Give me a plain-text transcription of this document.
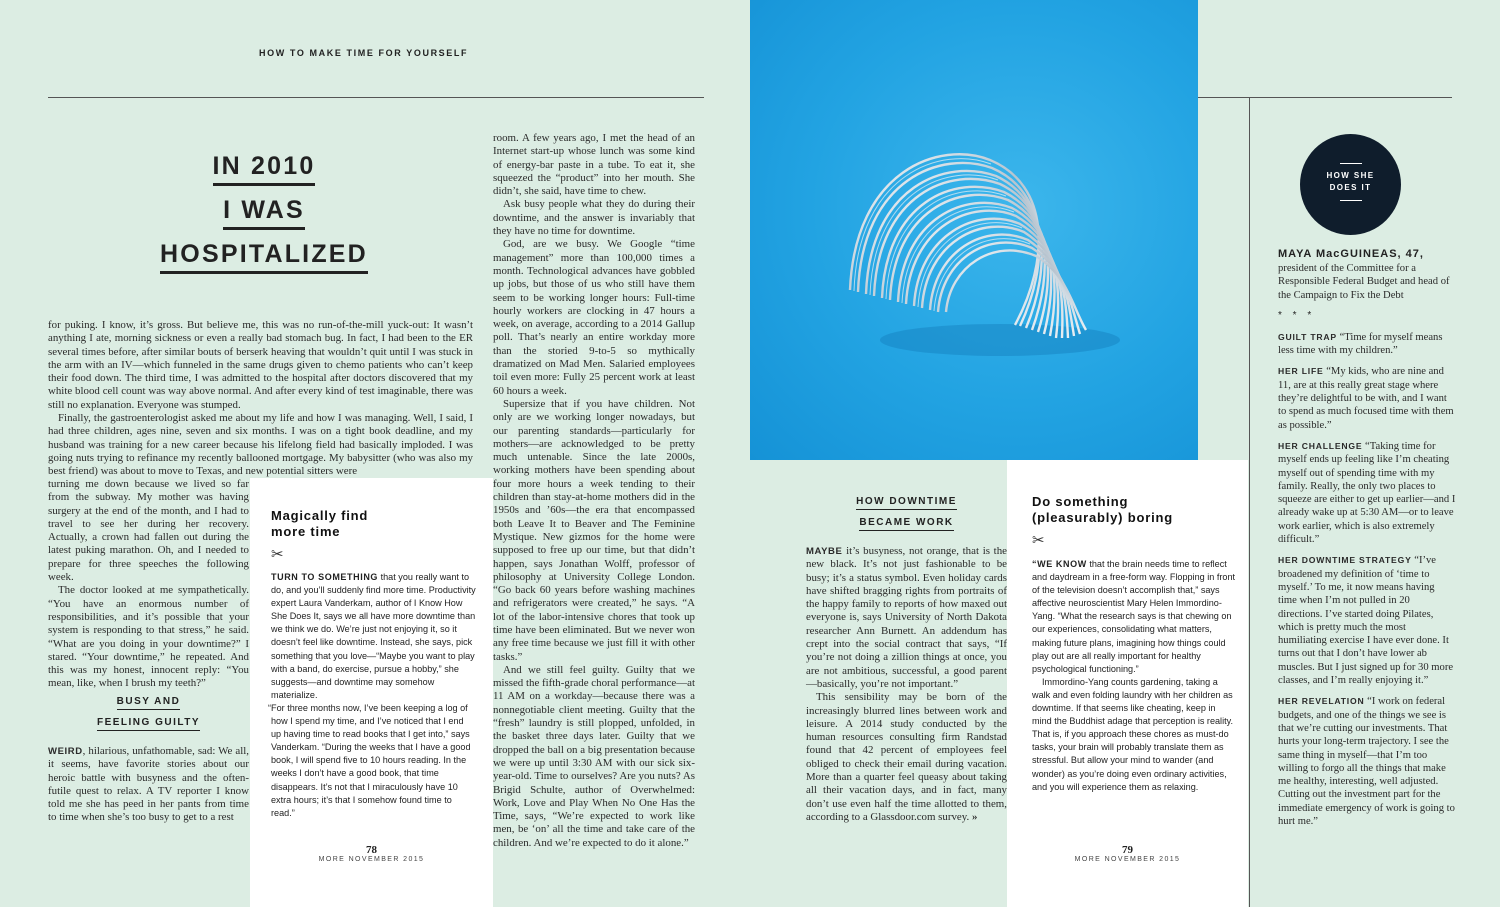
HOW TO MAKE TIME FOR YOURSELF
IN 2010
I WAS
HOSPITALIZED

for puking. I know, it’s gross. But believe me, this was no run-of-the-mill yuck-out: It wasn’t anything I ate, morning sickness or even a really bad stomach bug. In fact, I had been to the ER several times before, after similar bouts of berserk heaving that wouldn’t quit until I was stuck in the arm with an IV—which funneled in the same drugs given to chemo patients who can’t keep their food down. The third time, I was admitted to the hospital after doctors discovered that my white blood cell count was way above normal. And after every kind of test imaginable, there was still no explanation. Everyone was stumped.

Finally, the gastroenterologist asked me about my life and how I was managing. Well, I said, I had three children, ages nine, seven and six months. I was on a tight book deadline, and my husband was training for a new career because his lifelong field had basically imploded. I was going nuts trying to refinance my recently ballooned mortgage. My babysitter (who was also my best friend) was about to move to Texas, and new potential sitters were

turning me down because we lived so far from the subway. My mother was having surgery at the end of the month, and I had to travel to see her during her recovery. Actually, a crown had fallen out during the latest puking marathon. Oh, and I needed to prepare for three speeches the following week.

The doctor looked at me sympathetically. “You have an enormous number of responsibilities, and it’s possible that your system is responding to that stress,” he said. “What are you doing in your downtime?” I stared. “Your downtime,” he repeated. And this was my honest, innocent reply: “You mean, like, when I brush my teeth?”

BUSY AND
FEELING GUILTY

WEIRD, hilarious, unfathomable, sad: We all, it seems, have favorite stories about our heroic battle with busyness and the often-futile quest to relax. A TV reporter I know told me she has peed in her pants from time to time when she’s too busy to get to a rest

room. A few years ago, I met the head of an Internet start-up whose lunch was some kind of energy-bar paste in a tube. To eat it, she squeezed the “product” into her mouth. She didn’t, she said, have time to chew.

Ask busy people what they do during their downtime, and the answer is invariably that they have no time for downtime.

God, are we busy. We Google “time management” more than 100,000 times a month. Technological advances have gobbled up jobs, but those of us who still have them seem to be working longer hours: Full-time hourly workers are clocking in 47 hours a week, on average, according to a 2014 Gallup poll. That’s nearly an entire workday more than the storied 9-to-5 so mythically dramatized on Mad Men. Salaried employees toil even more: Fully 25 percent work at least 60 hours a week.

Supersize that if you have children. Not only are we working longer nowadays, but our parenting standards—particularly for mothers—are acknowledged to be pretty much untenable. Since the late 2000s, working mothers have been spending about four more hours a week tending to their children than stay-at-home mothers did in the 1950s and ’60s—the era that encompassed both Leave It to Beaver and The Feminine Mystique. New gizmos for the home were supposed to free up our time, but that didn’t happen, says Jonathan Wolff, professor of philosophy at University College London. “Go back 60 years before washing machines and refrigerators were created,” he says. “A lot of the labor-intensive chores that took up time have been eliminated. But we never won any free time because we just fill it with other tasks.”

And we still feel guilty. Guilty that we missed the fifth-grade choral performance—at 11 AM on a workday—because there was a nonnegotiable client meeting. Guilty that the “fresh” laundry is still plopped, unfolded, in the basket three days later. Guilty that we dropped the ball on a big presentation because we were up until 3:30 AM with our sick six-year-old. Time to ourselves? Are you nuts? As Brigid Schulte, author of Overwhelmed: Work, Love and Play When No One Has the Time, says, “We’re expected to work like men, be ‘on’ all the time and take care of the children. And we’re expected to do it alone.”

Magically find
more time
✂

TURN TO SOMETHING that you really want to do, and you’ll suddenly find more time. Productivity expert Laura Vanderkam, author of I Know How She Does It, says we all have more downtime than we think we do. We’re just not enjoying it, so it doesn’t feel like downtime. Instead, she says, pick something that you love—“Maybe you want to play with a band, do exercise, pursue a hobby,” she suggests—and downtime may somehow materialize.

“For three months now, I’ve been keeping a log of how I spend my time, and I’ve noticed that I end up having time to read books that I get into,” says Vanderkam. “During the weeks that I have a good book, I will spend five to 10 hours reading. In the weeks I don’t have a good book, that time disappears. It’s not that I miraculously have 10 extra hours; it’s that I somehow found time to read.”

78
MORE NOVEMBER 2015
HOW DOWNTIME
BECAME WORK

MAYBE it’s busyness, not orange, that is the new black. It’s not just fashionable to be busy; it’s a status symbol. Even holiday cards have shifted bragging rights from portraits of the happy family to reports of how maxed out everyone is, says University of North Dakota researcher Ann Burnett. An addendum has crept into the social contract that says, “If you’re not doing a zillion things at once, you are not ambitious, successful, a good parent—basically, you’re not important.”

This sensibility may be born of the increasingly blurred lines between work and leisure. A 2014 study conducted by the human resources consulting firm Randstad found that 42 percent of employees feel obliged to check their email during vacation. More than a quarter feel queasy about taking all their vacation days, and in fact, many don’t use even half the time allotted to them, according to a Glassdoor.com survey. »

Do something
(pleasurably) boring
✂

“WE KNOW that the brain needs time to reflect and daydream in a free-form way. Flopping in front of the television doesn’t accomplish that,” says affective neuroscientist Mary Helen Immordino-Yang. “What the research says is that chewing on our experiences, consolidating what matters, making future plans, imagining how things could play out are all really important for healthy psychological functioning.”

Immordino-Yang counts gardening, taking a walk and even folding laundry with her children as downtime. If that seems like cheating, keep in mind the Buddhist adage that perception is reality. That is, if you approach these chores as must-do tasks, your brain will probably translate them as stressful. But allow your mind to wander (and wonder) as you’re doing even ordinary activities, and you will experience them as relaxing.

79
MORE NOVEMBER 2015
HOW SHE
DOES IT
MAYA MacGUINEAS, 47,
president of the Committee for a Responsible Federal Budget and head of the Campaign to Fix the Debt
* * *
GUILT TRAP “Time for myself means less time with my children.”
HER LIFE “My kids, who are nine and 11, are at this really great stage where they’re delightful to be with, and I want to spend as much focused time with them as possible.”
HER CHALLENGE “Taking time for myself ends up feeling like I’m cheating myself out of spending time with my family. Really, the only two places to squeeze are either to get up earlier—and I already wake up at 5:30 AM—or to leave work earlier, which is also extremely difficult.”
HER DOWNTIME STRATEGY “I’ve broadened my definition of ‘time to myself.’ To me, it now means having time when I’m not pulled in 20 directions. I’ve started doing Pilates, which is pretty much the most humiliating exercise I have ever done. It turns out that I don’t have lower ab muscles. But I just signed up for 30 more classes, and I’m really enjoying it.”
HER REVELATION “I work on federal budgets, and one of the things we see is that we’re cutting our investments. That hurts your long-term trajectory. I see the same thing in myself—that I’m too willing to forgo all the things that make me healthy, interesting, well adjusted. Cutting out the investment part for the immediate emergency of work is going to hurt me.”
